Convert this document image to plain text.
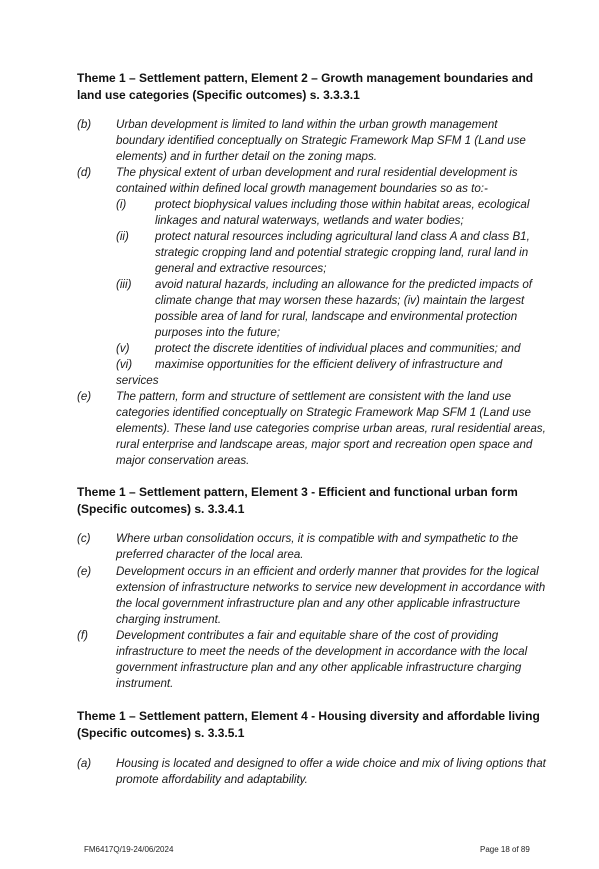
Theme 1 – Settlement pattern, Element 2 – Growth management boundaries and land use categories (Specific outcomes) s. 3.3.3.1
(b) Urban development is limited to land within the urban growth management boundary identified conceptually on Strategic Framework Map SFM 1 (Land use elements) and in further detail on the zoning maps.
(d) The physical extent of urban development and rural residential development is contained within defined local growth management boundaries so as to:-
(i) protect biophysical values including those within habitat areas, ecological linkages and natural waterways, wetlands and water bodies;
(ii) protect natural resources including agricultural land class A and class B1, strategic cropping land and potential strategic cropping land, rural land in general and extractive resources;
(iii) avoid natural hazards, including an allowance for the predicted impacts of climate change that may worsen these hazards; (iv) maintain the largest possible area of land for rural, landscape and environmental protection purposes into the future;
(v) protect the discrete identities of individual places and communities; and
(vi) maximise opportunities for the efficient delivery of infrastructure and
services
(e) The pattern, form and structure of settlement are consistent with the land use categories identified conceptually on Strategic Framework Map SFM 1 (Land use elements). These land use categories comprise urban areas, rural residential areas, rural enterprise and landscape areas, major sport and recreation open space and major conservation areas.
Theme 1 – Settlement pattern, Element 3 - Efficient and functional urban form (Specific outcomes) s. 3.3.4.1
(c) Where urban consolidation occurs, it is compatible with and sympathetic to the preferred character of the local area.
(e) Development occurs in an efficient and orderly manner that provides for the logical extension of infrastructure networks to service new development in accordance with the local government infrastructure plan and any other applicable infrastructure charging instrument.
(f) Development contributes a fair and equitable share of the cost of providing infrastructure to meet the needs of the development in accordance with the local government infrastructure plan and any other applicable infrastructure charging instrument.
Theme 1 – Settlement pattern, Element 4 - Housing diversity and affordable living (Specific outcomes) s. 3.3.5.1
(a) Housing is located and designed to offer a wide choice and mix of living options that promote affordability and adaptability.
FM6417Q/19-24/06/2024	Page 18 of 89
